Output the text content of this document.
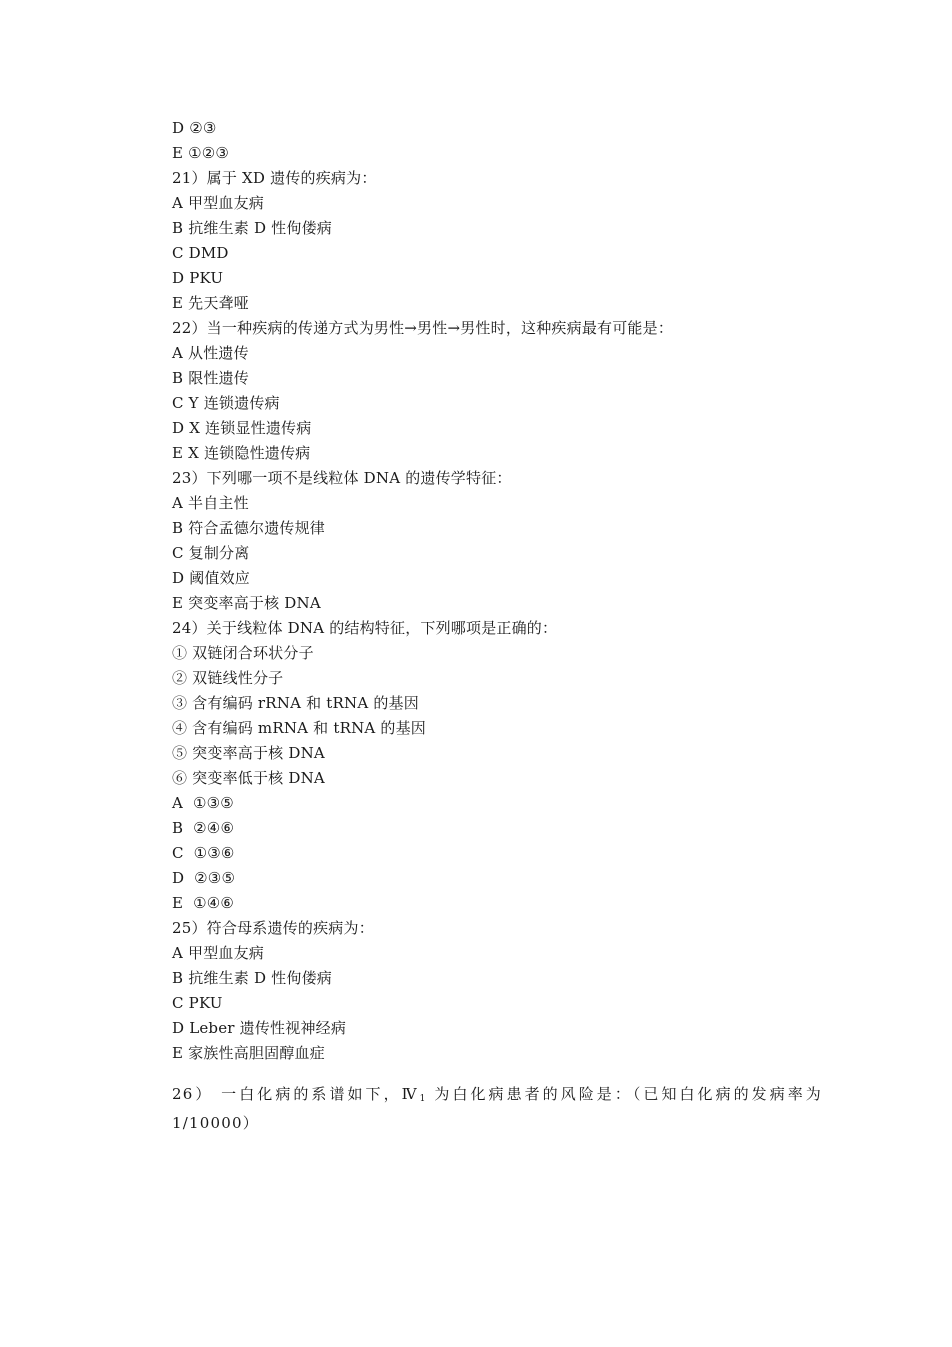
D ②③
E ①②③
21）属于 XD 遗传的疾病为：
A 甲型血友病
B 抗维生素 D 性佝偻病
C DMD
D PKU
E 先天聋哑
22）当一种疾病的传递方式为男性→男性→男性时，这种疾病最有可能是：
A 从性遗传
B 限性遗传
C Y 连锁遗传病
D X 连锁显性遗传病
E X 连锁隐性遗传病
23）下列哪一项不是线粒体 DNA 的遗传学特征：
A 半自主性
B 符合孟德尔遗传规律
C 复制分离
D 阈值效应
E 突变率高于核 DNA
24）关于线粒体 DNA 的结构特征，下列哪项是正确的：
① 双链闭合环状分子
② 双链线性分子
③ 含有编码 rRNA 和 tRNA 的基因
④ 含有编码 mRNA 和 tRNA 的基因
⑤ 突变率高于核 DNA
⑥ 突变率低于核 DNA
A  ①③⑤
B  ②④⑥
C  ①③⑥
D  ②③⑤
E  ①④⑥
25）符合母系遗传的疾病为：
A 甲型血友病
B 抗维生素 D 性佝偻病
C PKU
D Leber 遗传性视神经病
E 家族性高胆固醇血症
26） 一白化病的系谱如下，$Ⅳ_1$ 为白化病患者的风险是：（已知白化病的发病率为 1/10000）
